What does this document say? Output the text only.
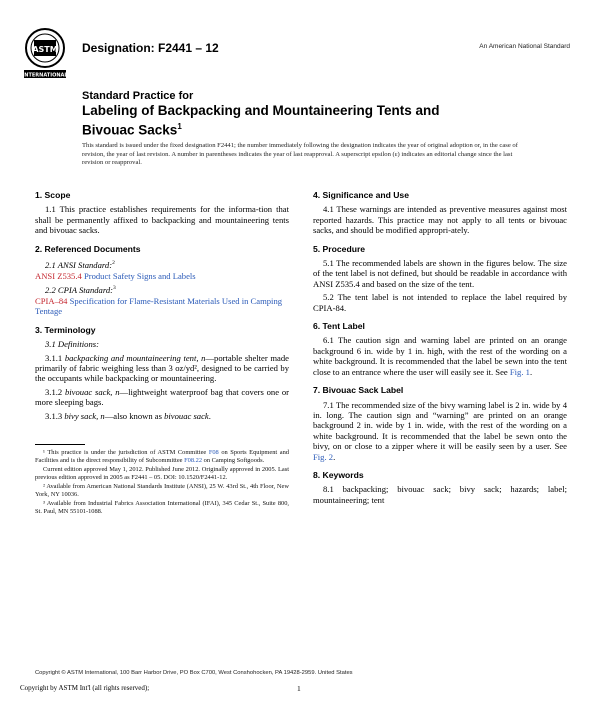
ASTM
INTERNATIONAL
Designation: F2441 – 12	An American National Standard
Standard Practice for
Labeling of Backpacking and Mountaineering Tents and
Bivouac Sacks$^1$
This standard is issued under the fixed designation F2441; the number immediately following the designation indicates the year of original adoption or, in the case of revision, the year of last revision. A number in parentheses indicates the year of last reapproval. A superscript epsilon (ε) indicates an editorial change since the last revision or reapproval.
1. Scope

1.1 This practice establishes requirements for the informa-tion that shall be permanently affixed to backpacking and mountaineering tents and bivouac sacks.

2. Referenced Documents
2.1 ANSI Standard:$^2$
ANSI Z535.4 Product Safety Signs and Labels
2.2 CPIA Standard:$^3$
CPIA–84 Specification for Flame-Resistant Materials Used in Camping Tentage
3. Terminology

3.1 Definitions:

3.1.1 backpacking and mountaineering tent, n—portable shelter made primarily of fabric weighing less than 3 oz/yd², designed to be carried by the occupants while backpacking or mountaineering.

3.1.2 bivouac sack, n—lightweight waterproof bag that covers one or more sleeping bags.

3.1.3 bivy sack, n—also known as bivouac sack.

¹ This practice is under the jurisdiction of ASTM Committee F08 on Sports Equipment and Facilities and is the direct responsibility of Subcommittee F08.22 on Camping Softgoods.

Current edition approved May 1, 2012. Published June 2012. Originally approved in 2005. Last previous edition approved in 2005 as F2441 – 05. DOI: 10.1520/F2441-12.

² Available from American National Standards Institute (ANSI), 25 W. 43rd St., 4th Floor, New York, NY 10036.

³ Available from Industrial Fabrics Association International (IFAI), 345 Cedar St., Suite 800, St. Paul, MN 55101-1088.

4. Significance and Use

4.1 These warnings are intended as preventive measures against most reported hazards. This practice may not apply to all tents or bivouac sacks, and should be modified appropri-ately.

5. Procedure

5.1 The recommended labels are shown in the figures below. The size of the tent label is not defined, but should be readable in accordance with ANSI Z535.4 and based on the size of the tent.

5.2 The tent label is not intended to replace the label required by CPIA-84.

6. Tent Label

6.1 The caution sign and warning label are printed on an orange background 6 in. wide by 1 in. high, with the rest of the wording on a white background. It is recommended that the label be sewn into the tent close to an entrance where the user will easily see it. See Fig. 1.

7. Bivouac Sack Label

7.1 The recommended size of the bivy warning label is 2 in. wide by 4 in. long. The caution sign and “warning” are printed on an orange background 2 in. wide by 1 in. wide, with the rest of the wording on a white background. It is recommended that the label be sewn onto the bivy, on or close to a zipper where it will be easily seen by a user. See Fig. 2.

8. Keywords

8.1 backpacking; bivouac sack; bivy sack; hazards; label; mountaineering; tent

Copyright © ASTM International, 100 Barr Harbor Drive, PO Box C700, West Conshohocken, PA 19428-2959. United States
Copyright by ASTM Int'l (all rights reserved);	1
